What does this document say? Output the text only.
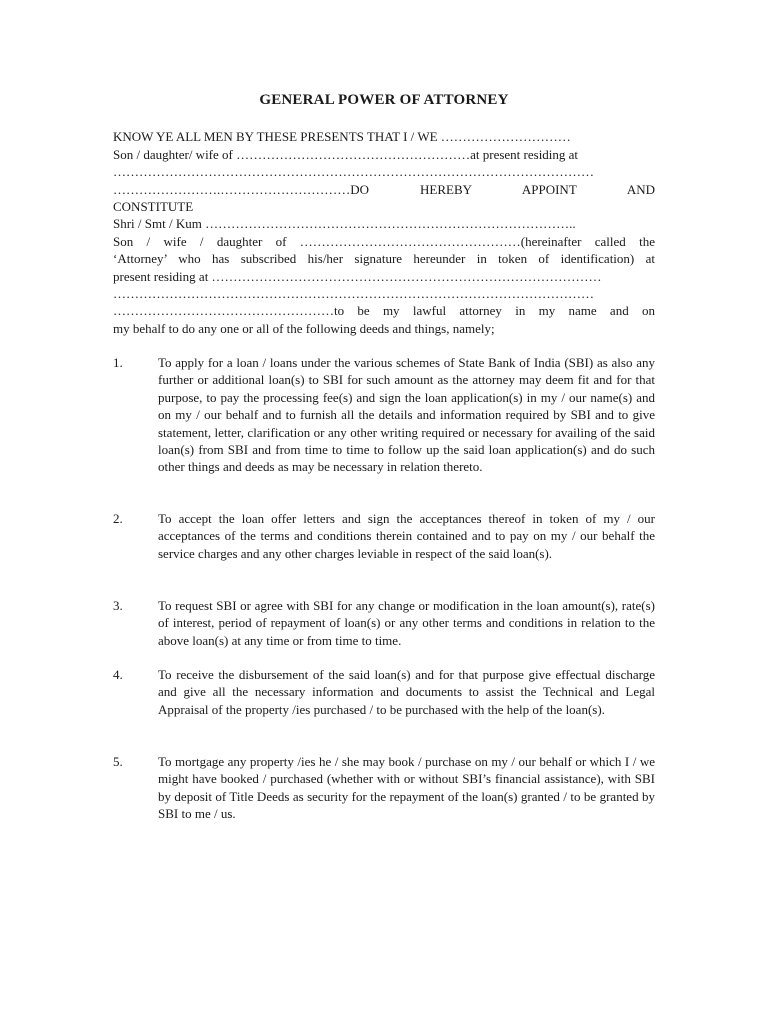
GENERAL POWER OF ATTORNEY
KNOW YE ALL MEN BY THESE PRESENTS THAT I / WE …………………………
Son / daughter/ wife of ………………………………………………at present residing at
…………………………………………………………………………………………………
…………………….…………………………DO HEREBY APPOINT AND
CONSTITUTE
Shri / Smt / Kum …………………………………………………………………………..
Son / wife / daughter of ……………………………………………(hereinafter called the
‘Attorney’ who has subscribed his/her signature hereunder in token of identification) at
present residing at ………………………………………………………………………………
…………………………………………………………………………………………………
……………………………………………to be my lawful attorney in my name and on
my behalf to do any one or all of the following deeds and things, namely;
1.	To apply for a loan / loans under the various schemes of State Bank of India (SBI) as also any further or additional loan(s) to SBI for such amount as the attorney may deem fit and for that purpose, to pay the processing fee(s) and sign the loan application(s) in my / our name(s) and on my / our behalf and to furnish all the details and information required by SBI and to give statement, letter, clarification or any other writing required or necessary for availing of the said loan(s) from SBI and from time to time to follow up the said loan application(s) and do such other things and deeds as may be necessary in relation thereto.
2.	To accept the loan offer letters and sign the acceptances thereof in token of my / our acceptances of the terms and conditions therein contained and to pay on my / our behalf the service charges and any other charges leviable in respect of the said loan(s).
3.	To request SBI or agree with SBI for any change or modification in the loan amount(s), rate(s) of interest, period of repayment of loan(s) or any other terms and conditions in relation to the above loan(s) at any time or from time to time.
4.	To receive the disbursement of the said loan(s) and for that purpose give effectual discharge and give all the necessary information and documents to assist the Technical and Legal Appraisal of the property /ies purchased / to be purchased with the help of the loan(s).
5.	To mortgage any property /ies he / she may book / purchase on my / our behalf or which I / we might have booked / purchased (whether with or without SBI’s financial assistance), with SBI by deposit of Title Deeds as security for the repayment of the loan(s) granted / to be granted by SBI to me / us.
